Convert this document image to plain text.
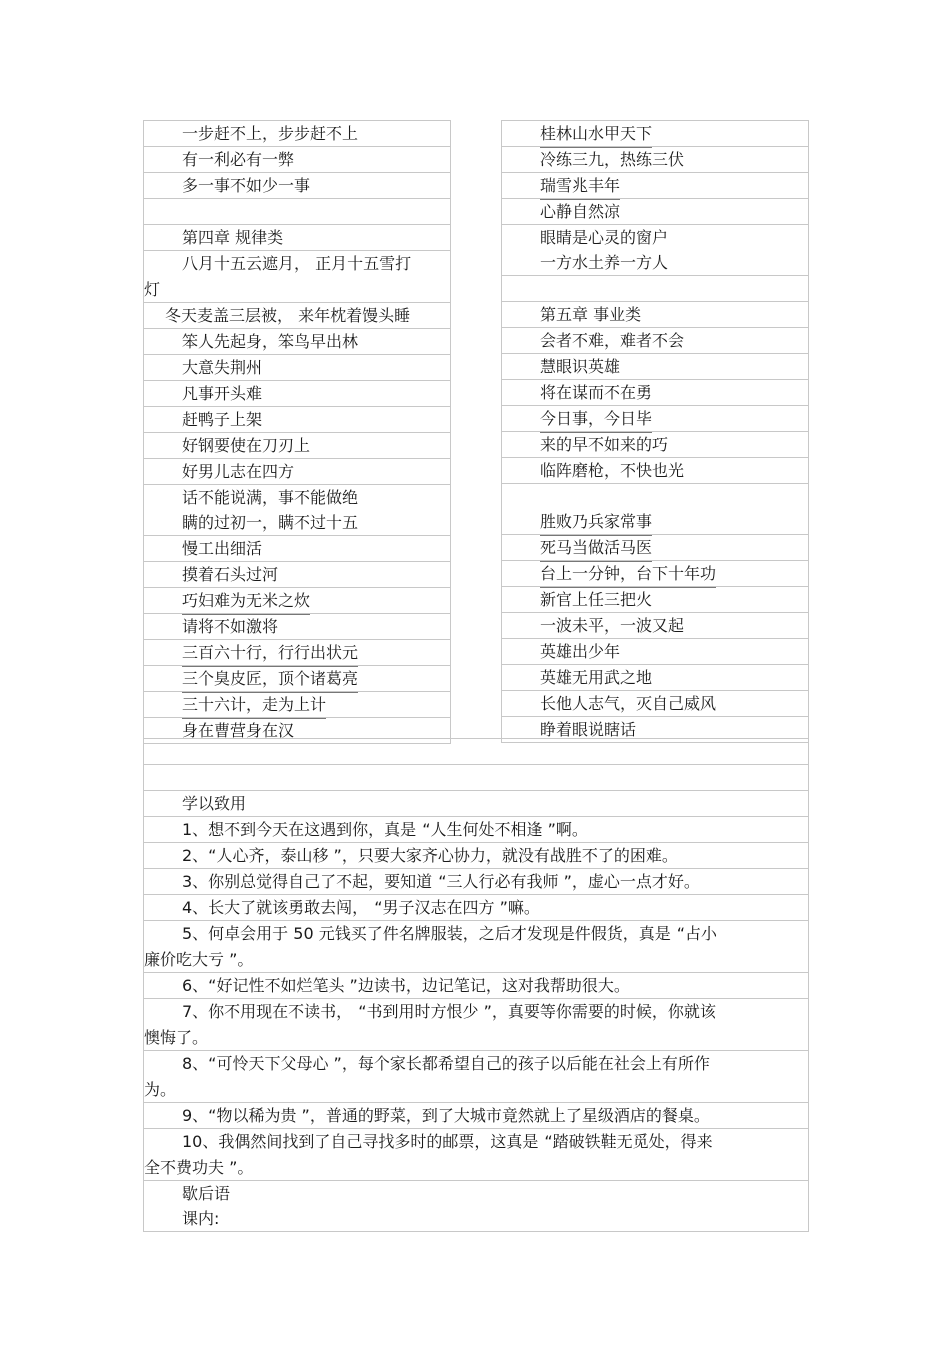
一步赶不上，步步赶不上
有一利必有一弊
多一事不如少一事
第四章 规律类
八月十五云遮月， 正月十五雪打
灯
冬天麦盖三层被， 来年枕着馒头睡
笨人先起身，笨鸟早出林
大意失荆州
凡事开头难
赶鸭子上架
好钢要使在刀刃上
好男儿志在四方
话不能说满，事不能做绝
瞒的过初一，瞒不过十五
慢工出细活
摸着石头过河
巧妇难为无米之炊
请将不如激将
三百六十行，行行出状元
三个臭皮匠，顶个诸葛亮
三十六计，走为上计
身在曹营身在汉
桂林山水甲天下
冷练三九，热练三伏
瑞雪兆丰年
心静自然凉
眼睛是心灵的窗户
一方水土养一方人
第五章 事业类
会者不难，难者不会
慧眼识英雄
将在谋而不在勇
今日事，今日毕
来的早不如来的巧
临阵磨枪，不快也光
胜败乃兵家常事
死马当做活马医
台上一分钟，台下十年功
新官上任三把火
一波未平，一波又起
英雄出少年
英雄无用武之地
长他人志气，灭自己威风
睁着眼说瞎话
学以致用
1、想不到今天在这遇到你，真是 “人生何处不相逢 ”啊。
2、“人心齐，泰山移 ”，只要大家齐心协力，就没有战胜不了的困难。
3、你别总觉得自己了不起，要知道 “三人行必有我师 ”，虚心一点才好。
4、长大了就该勇敢去闯， “男子汉志在四方 ”嘛。
5、何卓会用于 50 元钱买了件名牌服装，之后才发现是件假货，真是 “占小
廉价吃大亏 ”。
6、“好记性不如烂笔头 ”边读书，边记笔记，这对我帮助很大。
7、你不用现在不读书， “书到用时方恨少 ”，真要等你需要的时候，你就该
懊悔了。
8、“可怜天下父母心 ”，每个家长都希望自己的孩子以后能在社会上有所作
为。
9、“物以稀为贵 ”，普通的野菜，到了大城市竟然就上了星级酒店的餐桌。
10、我偶然间找到了自己寻找多时的邮票，这真是 “踏破铁鞋无觅处，得来
全不费功夫 ”。
歇后语
课内:
